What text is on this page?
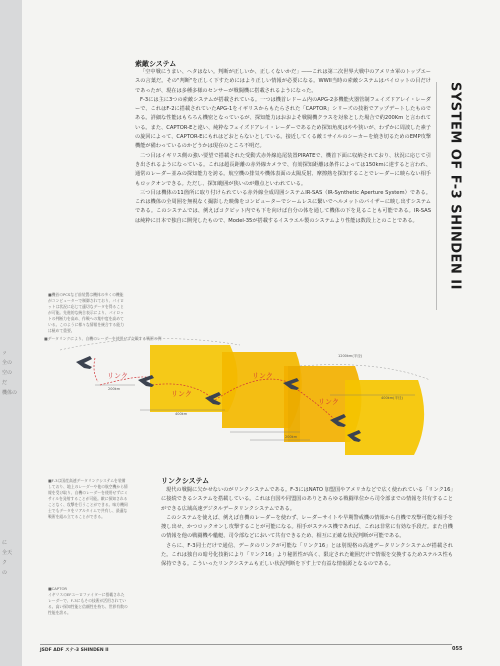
SYSTEM OF F-3 SHINDEN II
索敵システム

「空中戦にうまい、ヘタはない。判断が正しいか、正しくないかだ」――これは第二次世界大戦中のアメリカ軍のトップエースの言葉だ。その"判断"を正しく下すためにはより正しい情報が必要になる。WWII当時の索敵システムはパイロットの目だけであったが、現在は多種多様のセンサーが戦闘機に搭載されるようになった。

F-3には主に3つの索敵システムが搭載されている。一つは機首レドーム内のAPG-2多機能火器管制フェイズドアレイ・レーダーで、これはF-2に搭載されていたAPG-1をイギリスからもたらされた「CAPTOR」シリーズの技術でアップデートしたものである。詳細な性能はもちろん機密となっているが、探知能力はおおよそ戦闘機クラスを対象とした場合で約200Km と言われている。また、CAPTOR-Eと違い、純粋なフェイズドアレイ・レーダーであるため探知角度はやや狭いが、わずかに周波した素子の旋回によって、CAPTOR-Eにもれはどおとらないとしている。接近してくる敵ミサイルのシーカーを焼き切るためのEMP攻撃機能が備わっているのかどうかは現在のところ不明だ。

二つ目はイギリス側の強い要望で搭載された受動式赤外線追尾装置PIRATEで、機首下面に収納されており、状況に応じて引き出されるようになっている。これは超長距離の赤外線カメラで、有効探知距離は条件によっては150kmに達すると言われ、通常のレーダー並みの探知能力を誇る。航空機の排気や機体表面の太陽反射、摩擦熱を探知することでレーダーに映らない相手もロックオンできる。ただし、探知範囲が狭いのが難点といわれている。

三つ目は機体の11箇所に取り付けられている赤外線全成周囲システムIR-SAS（IR-Synthetic Aperture System）である。これは機体の全周囲を無視なく撮影した映像をコンピューターでシームレスに繋いでヘルメットのバイザーに映し出すシステムである。このシステムでは、例えばコクピット内でも下を向けば自分の体を通して機体の下を見ることも可能である。IR-SASは純粋に日本で独自に開発したもので、Model-35が搭載するイスラエル製のシステムより性能は数段上とのことである。

■機首のPCSなど前装置は機体の多くの機能がコンピューターで制御されており、パイロットは状況に応じて適切なデータを得ることが可能。先進的な統合表示により、パイロットの判断力を高め、作戦への集中度を高めている。このように様々な情報を統合する能力は極めて重要。
リンク
リンク
リンク
リンク
1200km(半径)
200km
400km
400km(半径)
200km
■データリンクにより、自機のレーダーを使用せず交戦する戦術の例
■F-3は国産高速データリンクシステムを装備しており、地上のレーダーや他の航空機から情報を受け取り、自機のレーダーを使用せずにミサイルを発射することが可能。敵に探知されることなく、攻撃を行うことができる。味方機同士でもデータをリアルタイムで共有し、最適な戦術を組み立てることができる。
■CAPTOR
イギリスのEFユーロファイターに搭載されたレーダーで、F-3にもその技術が活用されている。高い探知性能と信頼性を持ち、世界有数の性能を誇る。
リンクシステム

現代の戦闘に欠かせないのがリンクシステムである。F-3にはNATO 加盟国やアメリカなどで広く使われている「リンク16」に接続できるシステムを搭載している。これは自国や同盟国のありとあらゆる戦闘単位から司令部までの情報を共有することができる広域高速デジタルデータリンクシステムである。

このシステムを使えば、例えば自機のレーダーを使わず、レーダーサイトや早期警戒機の情報から自機で攻撃可能な相手を捜し出せ、かつロックオンし攻撃することが可能になる。相手がステルス機であれば、これは非常に有効な手段だ。また自機の情報を他の戦闘機や艦艇、司令部などにおいて共有できるため、相互に正確な状況判断が可能である。

さらに、F-3同士だけで通信、データのリンクが可能な「リンク16」とは別規格の高速データリンクシステムが搭載された。これは独自の暗号化技術により「リンク16」より秘匿性が高く、限定された範囲だけで情報を交換するためステルス性も保持できる。こういったリンクシステムも正しい状況判断を下す上で有益な情報源となるのである。

ッ
全の
空の
だ
機体の
に
全天
ク
の
JSDF ADF スナ-3 SHINDEN II	055
